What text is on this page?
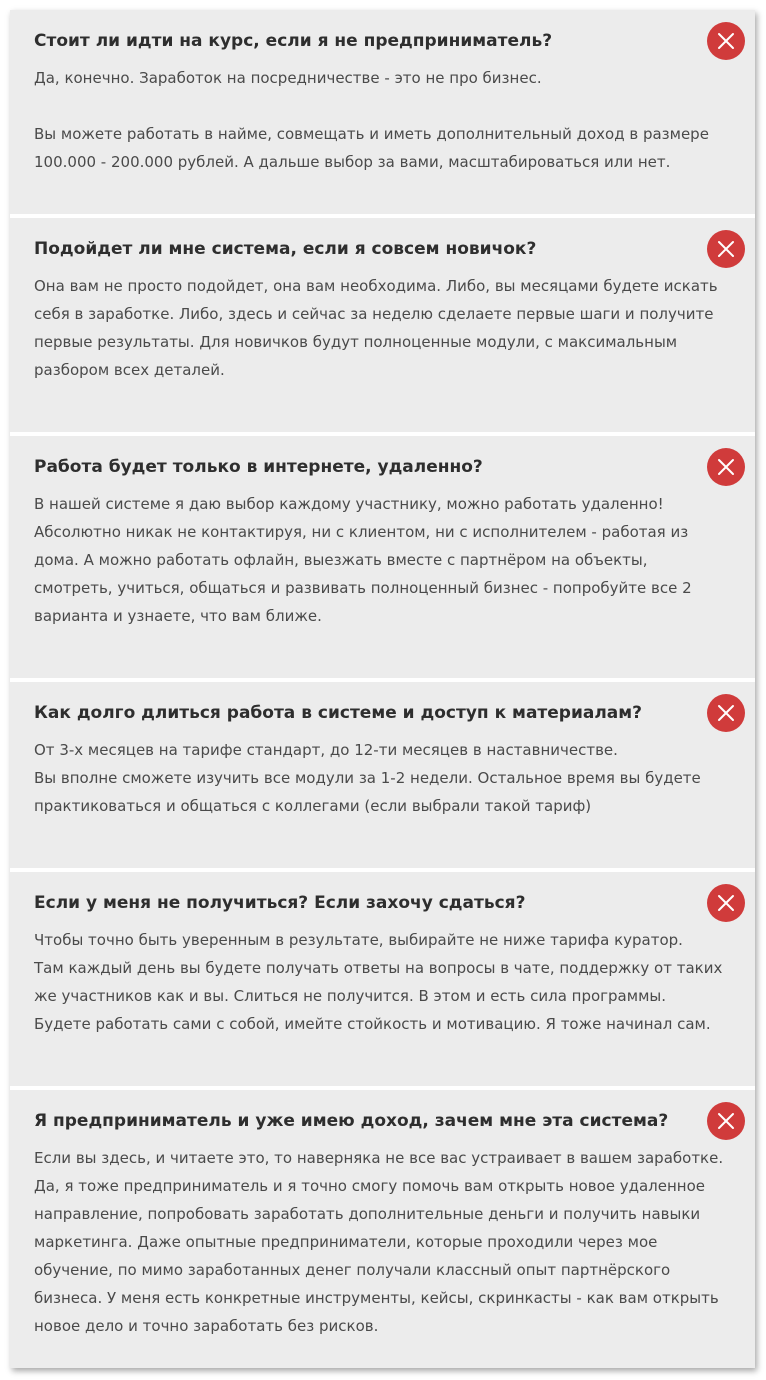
Стоит ли идти на курс, если я не предприниматель?

Да, конечно. Заработок на посредничестве - это не про бизнес.

Вы можете работать в найме, совмещать и иметь дополнительный доход в размере
100.000 - 200.000 рублей. А дальше выбор за вами, масштабироваться или нет.

Подойдет ли мне система, если я совсем новичок?

Она вам не просто подойдет, она вам необходима. Либо, вы месяцами будете искать
себя в заработке. Либо, здесь и сейчас за неделю сделаете первые шаги и получите
первые результаты. Для новичков будут полноценные модули, с максимальным
разбором всех деталей.

Работа будет только в интернете, удаленно?

В нашей системе я даю выбор каждому участнику, можно работать удаленно!
Абсолютно никак не контактируя, ни с клиентом, ни с исполнителем - работая из
дома. А можно работать офлайн, выезжать вместе с партнёром на объекты,
смотреть, учиться, общаться и развивать полноценный бизнес - попробуйте все 2
варианта и узнаете, что вам ближе.

Как долго длиться работа в системе и доступ к материалам?

От 3-х месяцев на тарифе стандарт, до 12-ти месяцев в наставничестве.
Вы вполне сможете изучить все модули за 1-2 недели. Остальное время вы будете
практиковаться и общаться с коллегами (если выбрали такой тариф)

Если у меня не получиться? Если захочу сдаться?

Чтобы точно быть уверенным в результате, выбирайте не ниже тарифа куратор.
Там каждый день вы будете получать ответы на вопросы в чате, поддержку от таких
же участников как и вы. Слиться не получится. В этом и есть сила программы.
Будете работать сами с собой, имейте стойкость и мотивацию. Я тоже начинал сам.

Я предприниматель и уже имею доход, зачем мне эта система?

Если вы здесь, и читаете это, то наверняка не все вас устраивает в вашем заработке.
Да, я тоже предприниматель и я точно смогу помочь вам открыть новое удаленное
направление, попробовать заработать дополнительные деньги и получить навыки
маркетинга. Даже опытные предприниматели, которые проходили через мое
обучение, по мимо заработанных денег получали классный опыт партнёрского
бизнеса. У меня есть конкретные инструменты, кейсы, скринкасты - как вам открыть
новое дело и точно заработать без рисков.
